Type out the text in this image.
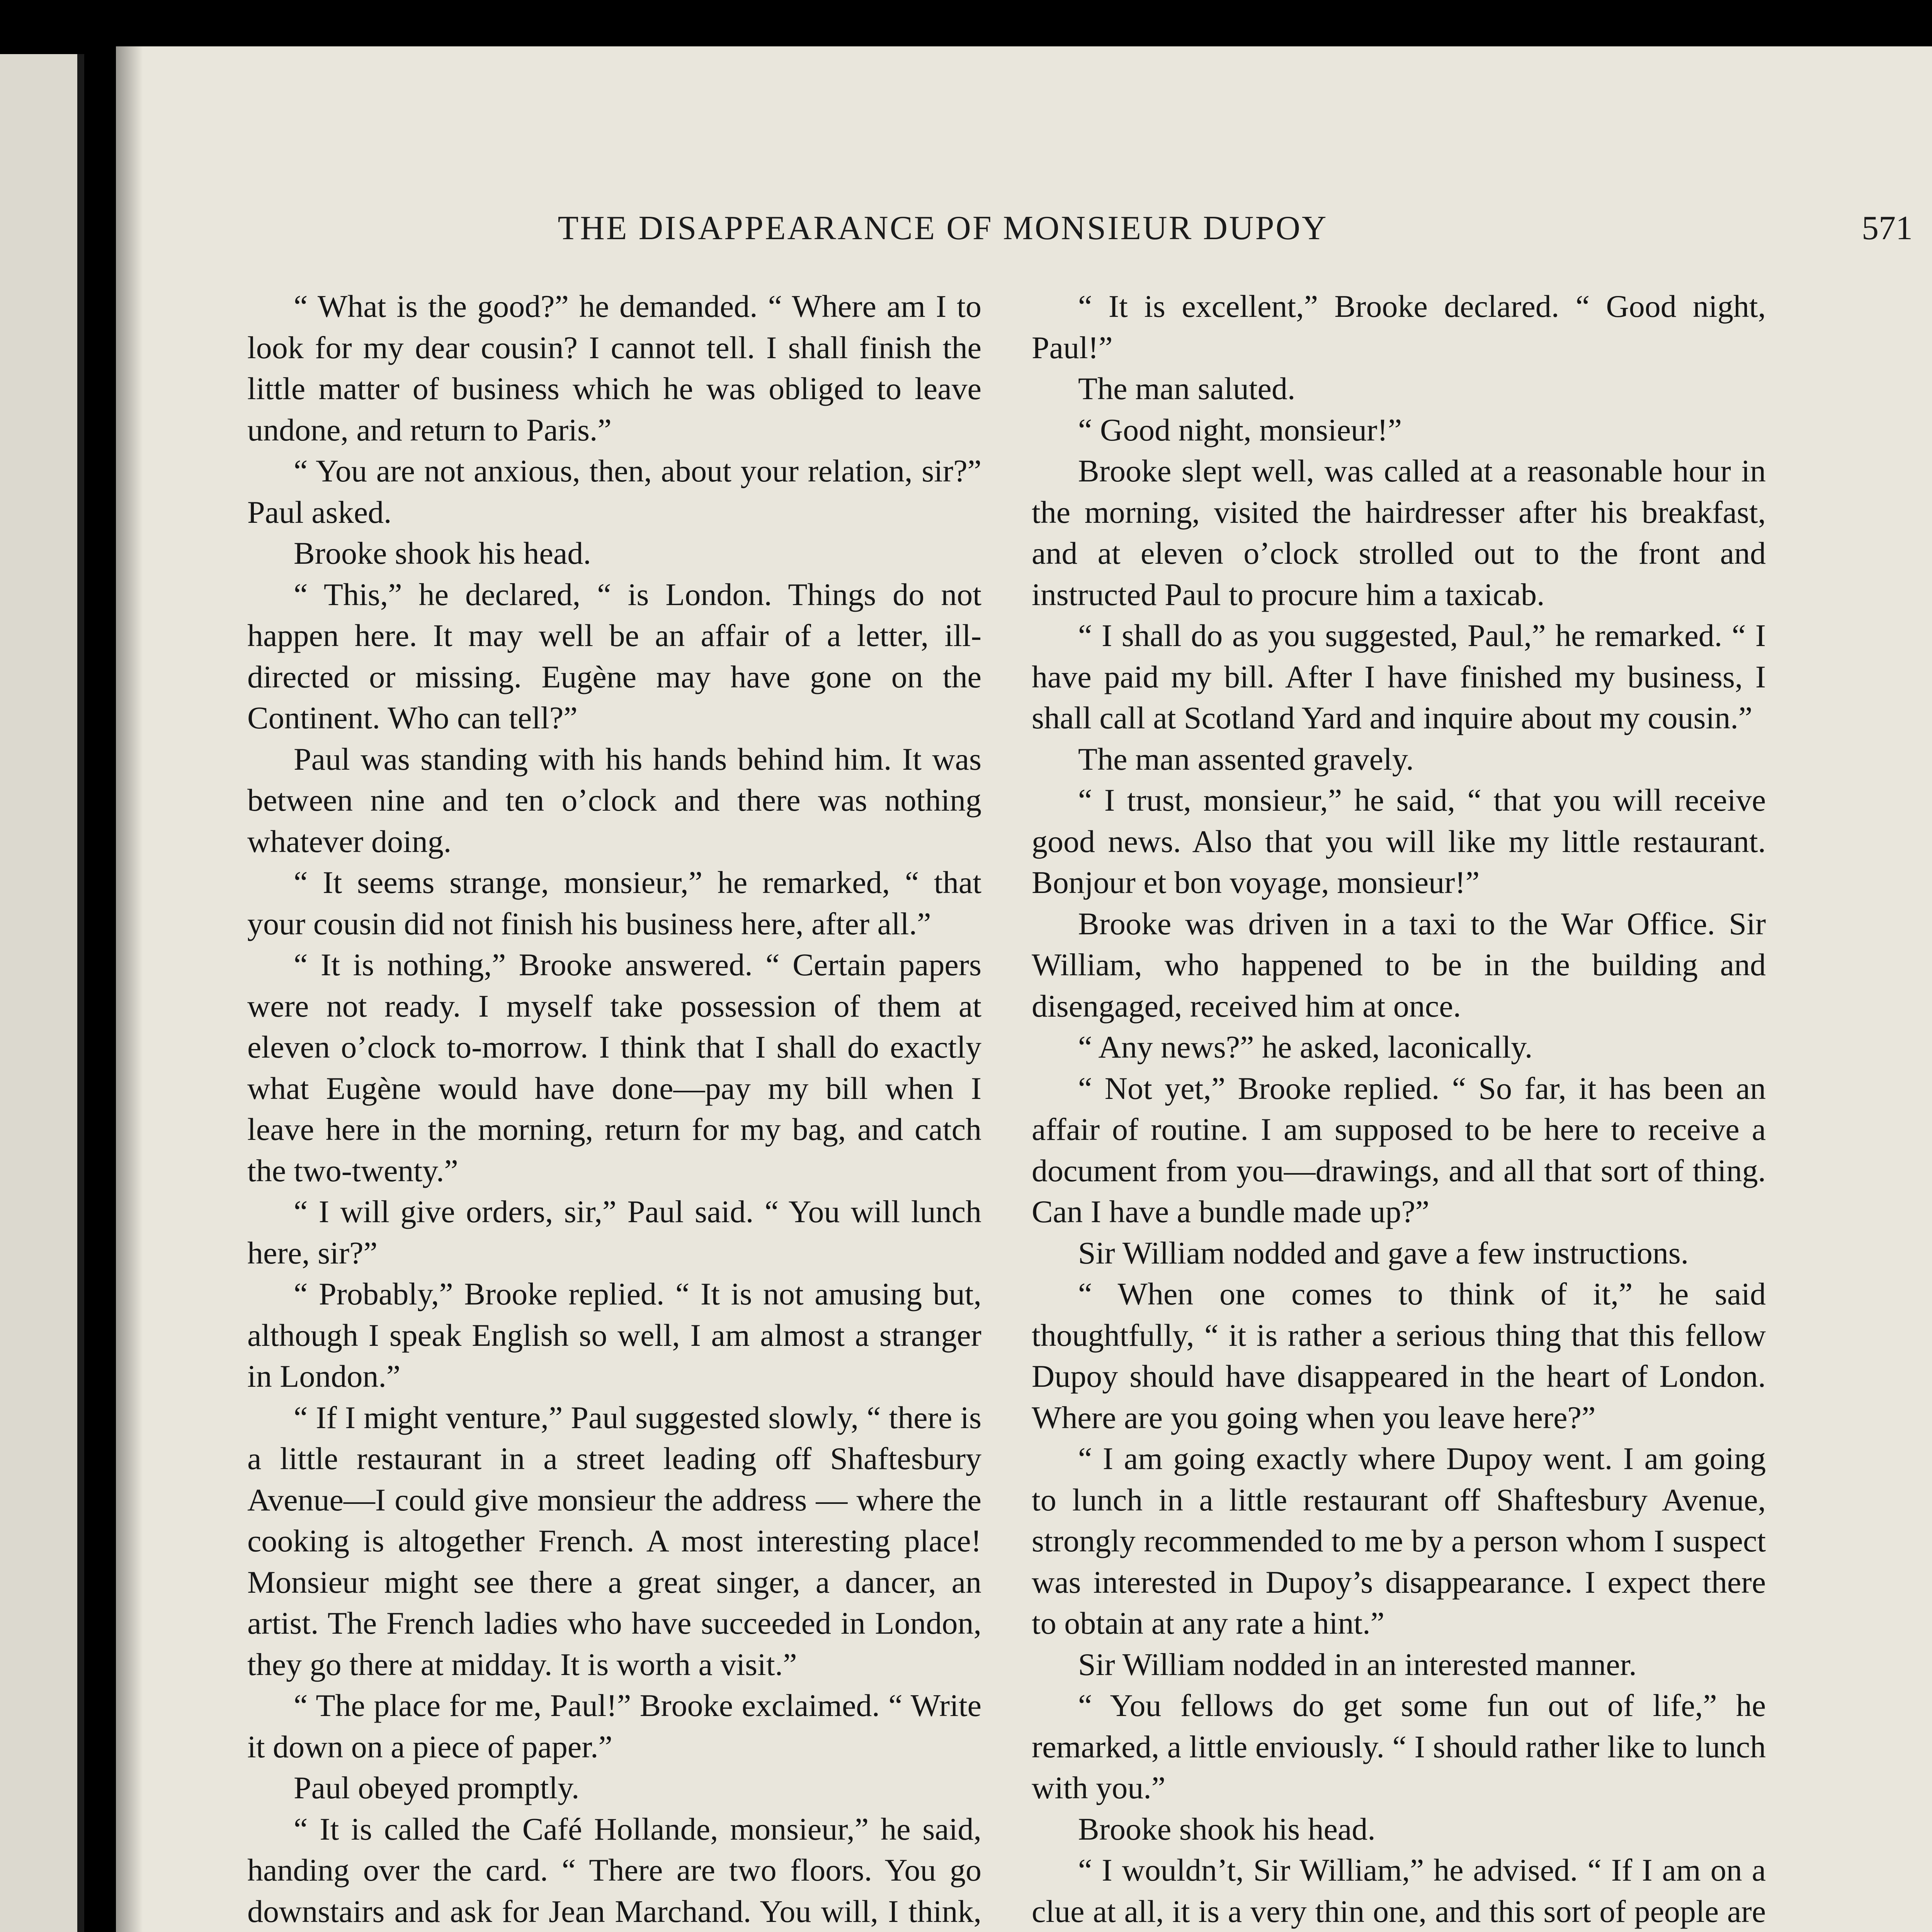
THE DISAPPEARANCE OF MONSIEUR DUPOY	571

“ What is the good?” he demanded. “ Where am I to look for my dear cousin? I cannot tell. I shall finish the little matter of business which he was obliged to leave undone, and return to Paris.”

“ You are not anxious, then, about your relation, sir?” Paul asked.

Brooke shook his head.

“ This,” he declared, “ is London. Things do not happen here. It may well be an affair of a letter, ill-directed or missing. Eugène may have gone on the Continent. Who can tell?”

Paul was standing with his hands behind him. It was between nine and ten o’clock and there was nothing whatever doing.

“ It seems strange, monsieur,” he remarked, “ that your cousin did not finish his business here, after all.”

“ It is nothing,” Brooke answered. “ Certain papers were not ready. I myself take possession of them at eleven o’clock to-morrow. I think that I shall do exactly what Eugène would have done—pay my bill when I leave here in the morning, return for my bag, and catch the two-twenty.”

“ I will give orders, sir,” Paul said. “ You will lunch here, sir?”

“ Probably,” Brooke replied. “ It is not amusing but, although I speak English so well, I am almost a stranger in London.”

“ If I might venture,” Paul suggested slowly, “ there is a little restaurant in a street leading off Shaftesbury Avenue—I could give monsieur the address — where the cooking is altogether French. A most interesting place! Monsieur might see there a great singer, a dancer, an artist. The French ladies who have succeeded in London, they go there at midday. It is worth a visit.”

“ The place for me, Paul!” Brooke exclaimed. “ Write it down on a piece of paper.”

Paul obeyed promptly.

“ It is called the Café Hollande, monsieur,” he said, handing over the card. “ There are two floors. You go downstairs and ask for Jean Marchand. You will, I think,

“ It is excellent,” Brooke declared. “ Good night, Paul!”

The man saluted.

“ Good night, monsieur!”

Brooke slept well, was called at a reasonable hour in the morning, visited the hairdresser after his breakfast, and at eleven o’clock strolled out to the front and instructed Paul to procure him a taxicab.

“ I shall do as you suggested, Paul,” he remarked. “ I have paid my bill. After I have finished my business, I shall call at Scotland Yard and inquire about my cousin.”

The man assented gravely.

“ I trust, monsieur,” he said, “ that you will receive good news. Also that you will like my little restaurant. Bonjour et bon voyage, monsieur!”

Brooke was driven in a taxi to the War Office. Sir William, who happened to be in the building and disengaged, received him at once.

“ Any news?” he asked, laconically.

“ Not yet,” Brooke replied. “ So far, it has been an affair of routine. I am supposed to be here to receive a document from you—drawings, and all that sort of thing. Can I have a bundle made up?”

Sir William nodded and gave a few instructions.

“ When one comes to think of it,” he said thoughtfully, “ it is rather a serious thing that this fellow Dupoy should have disappeared in the heart of London. Where are you going when you leave here?”

“ I am going exactly where Dupoy went. I am going to lunch in a little restaurant off Shaftesbury Avenue, strongly recommended to me by a person whom I suspect was interested in Dupoy’s disappearance. I expect there to obtain at any rate a hint.”

Sir William nodded in an interested manner.

“ You fellows do get some fun out of life,” he remarked, a little enviously. “ I should rather like to lunch with you.”

Brooke shook his head.

“ I wouldn’t, Sir William,” he advised. “ If I am on a clue at all, it is a very thin one, and this sort of people are
